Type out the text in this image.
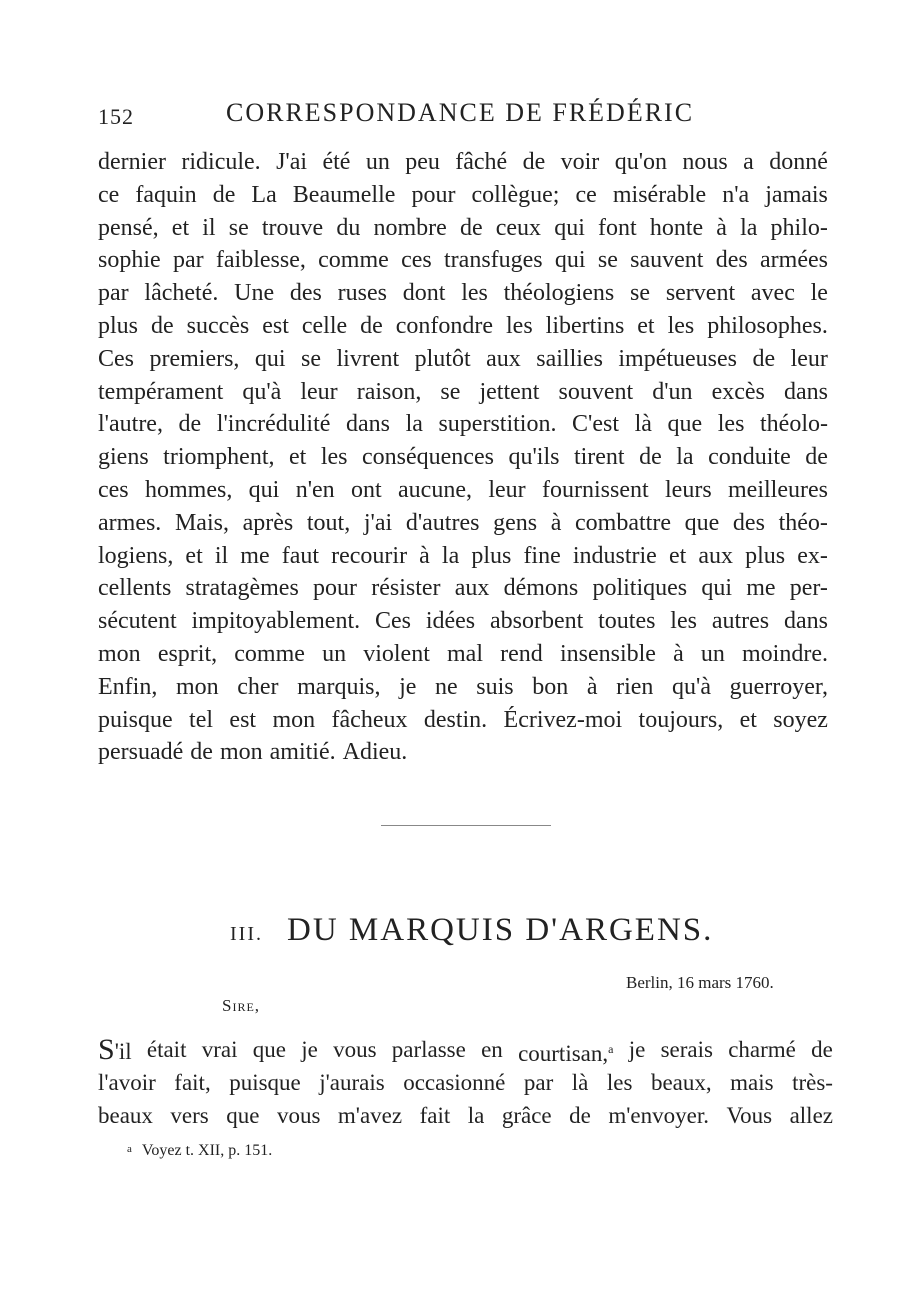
152	CORRESPONDANCE DE FRÉDÉRIC
dernier ridicule. J'ai été un peu fâché de voir qu'on nous a donné
ce faquin de La Beaumelle pour collègue; ce misérable n'a jamais
pensé, et il se trouve du nombre de ceux qui font honte à la philo-
sophie par faiblesse, comme ces transfuges qui se sauvent des armées
par lâcheté. Une des ruses dont les théologiens se servent avec le
plus de succès est celle de confondre les libertins et les philosophes.
Ces premiers, qui se livrent plutôt aux saillies impétueuses de leur
tempérament qu'à leur raison, se jettent souvent d'un excès dans
l'autre, de l'incrédulité dans la superstition. C'est là que les théolo-
giens triomphent, et les conséquences qu'ils tirent de la conduite de
ces hommes, qui n'en ont aucune, leur fournissent leurs meilleures
armes. Mais, après tout, j'ai d'autres gens à combattre que des théo-
logiens, et il me faut recourir à la plus fine industrie et aux plus ex-
cellents stratagèmes pour résister aux démons politiques qui me per-
sécutent impitoyablement. Ces idées absorbent toutes les autres dans
mon esprit, comme un violent mal rend insensible à un moindre.
Enfin, mon cher marquis, je ne suis bon à rien qu'à guerroyer,
puisque tel est mon fâcheux destin. Écrivez-moi toujours, et soyez
persuadé de mon amitié. Adieu.
III. DU MARQUIS D'ARGENS.
Berlin, 16 mars 1760.
Sire,
S'il était vrai que je vous parlasse en courtisan,$^a$ je serais charmé de
l'avoir fait, puisque j'aurais occasionné par là les beaux, mais très-
beaux vers que vous m'avez fait la grâce de m'envoyer. Vous allez
$^a$ Voyez t. XII, p. 151.
